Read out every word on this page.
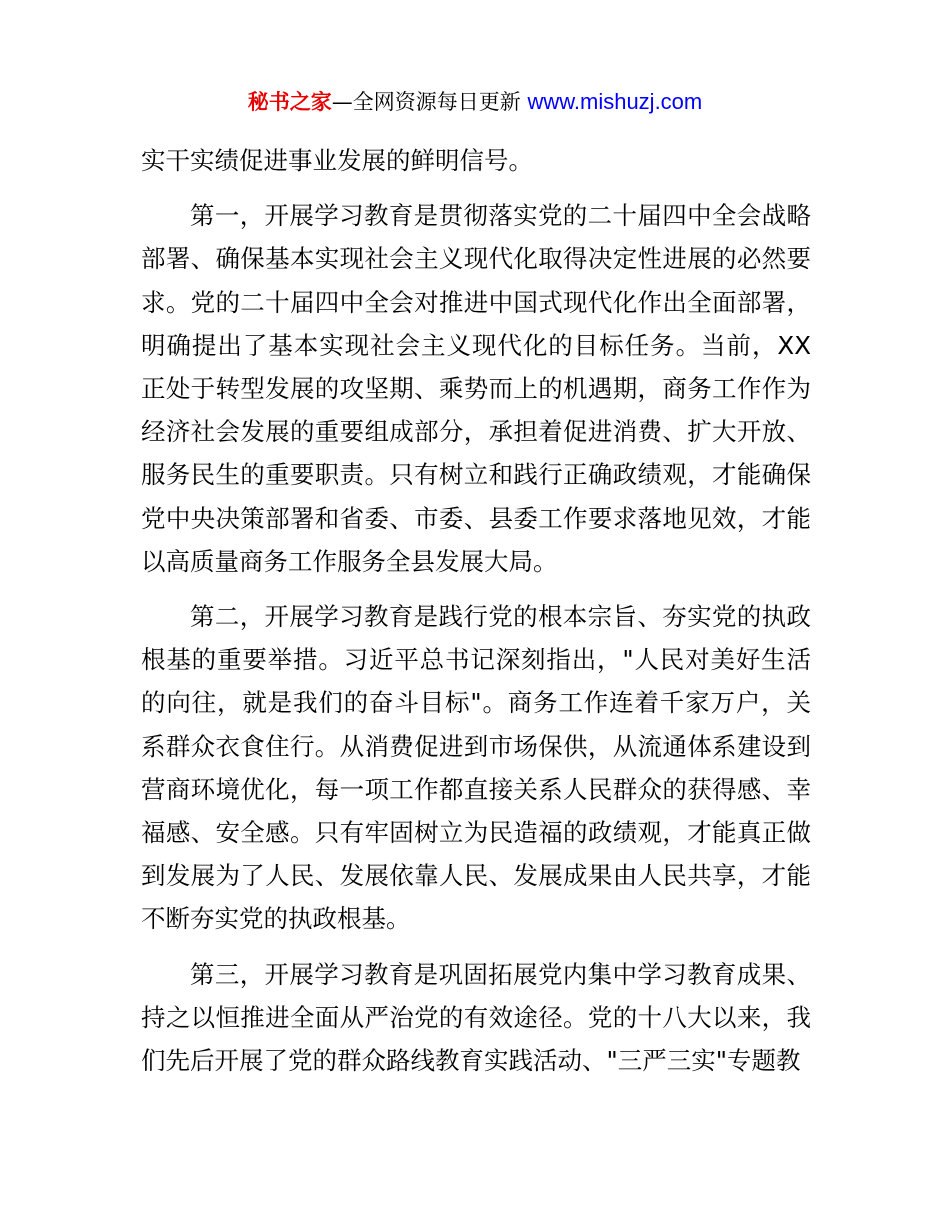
秘书之家—全网资源每日更新 www.mishuzj.com

实干实绩促进事业发展的鲜明信号。

第一，开展学习教育是贯彻落实党的二十届四中全会战略部署、确保基本实现社会主义现代化取得决定性进展的必然要求。党的二十届四中全会对推进中国式现代化作出全面部署，明确提出了基本实现社会主义现代化的目标任务。当前，XX正处于转型发展的攻坚期、乘势而上的机遇期，商务工作作为经济社会发展的重要组成部分，承担着促进消费、扩大开放、服务民生的重要职责。只有树立和践行正确政绩观，才能确保党中央决策部署和省委、市委、县委工作要求落地见效，才能以高质量商务工作服务全县发展大局。

第二，开展学习教育是践行党的根本宗旨、夯实党的执政根基的重要举措。习近平总书记深刻指出，"人民对美好生活的向往，就是我们的奋斗目标"。商务工作连着千家万户，关系群众衣食住行。从消费促进到市场保供，从流通体系建设到营商环境优化，每一项工作都直接关系人民群众的获得感、幸福感、安全感。只有牢固树立为民造福的政绩观，才能真正做到发展为了人民、发展依靠人民、发展成果由人民共享，才能不断夯实党的执政根基。

第三，开展学习教育是巩固拓展党内集中学习教育成果、持之以恒推进全面从严治党的有效途径。党的十八大以来，我们先后开展了党的群众路线教育实践活动、"三严三实"专题教
